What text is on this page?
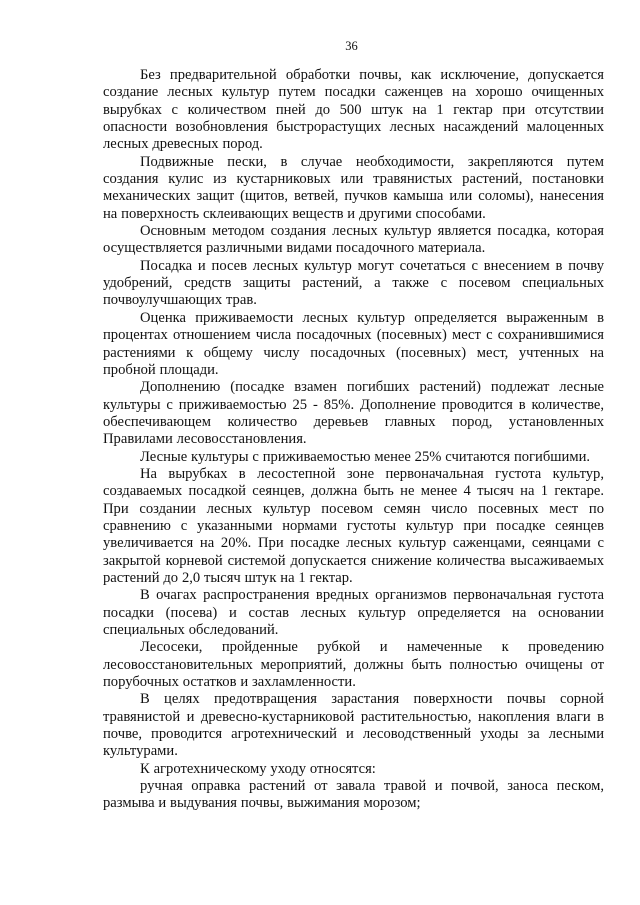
36

Без предварительной обработки почвы, как исключение, допускается создание лесных культур путем посадки саженцев на хорошо очищенных вырубках с количеством пней до 500 штук на 1 гектар при отсутствии опасности возобновления быстрорастущих лесных насаждений малоценных лесных древесных пород.

Подвижные пески, в случае необходимости, закрепляются путем создания кулис из кустарниковых или травянистых растений, постановки механических защит (щитов, ветвей, пучков камыша или соломы), нанесения на поверхность склеивающих веществ и другими способами.

Основным методом создания лесных культур является посадка, которая осуществляется различными видами посадочного материала.

Посадка и посев лесных культур могут сочетаться с внесением в почву удобрений, средств защиты растений, а также с посевом специальных почвоулучшающих трав.

Оценка приживаемости лесных культур определяется выраженным в процентах отношением числа посадочных (посевных) мест с сохранившимися растениями к общему числу посадочных (посевных) мест, учтенных на пробной площади.

Дополнению (посадке взамен погибших растений) подлежат лесные культуры с приживаемостью 25 - 85%. Дополнение проводится в количестве, обеспечивающем количество деревьев главных пород, установленных Правилами лесовосстановления.

Лесные культуры с приживаемостью менее 25% считаются погибшими.

На вырубках в лесостепной зоне первоначальная густота культур, создаваемых посадкой сеянцев, должна быть не менее 4 тысяч на 1 гектаре. При создании лесных культур посевом семян число посевных мест по сравнению с указанными нормами густоты культур при посадке сеянцев увеличивается на 20%. При посадке лесных культур саженцами, сеянцами с закрытой корневой системой допускается снижение количества высаживаемых растений до 2,0 тысяч штук на 1 гектар.

В очагах распространения вредных организмов первоначальная густота посадки (посева) и состав лесных культур определяется на основании специальных обследований.

Лесосеки, пройденные рубкой и намеченные к проведению лесовосстановительных мероприятий, должны быть полностью очищены от порубочных остатков и захламленности.

В целях предотвращения зарастания поверхности почвы сорной травянистой и древесно-кустарниковой растительностью, накопления влаги в почве, проводится агротехнический и лесоводственный уходы за лесными культурами.

К агротехническому уходу относятся:

ручная оправка растений от завала травой и почвой, заноса песком, размыва и выдувания почвы, выжимания морозом;
